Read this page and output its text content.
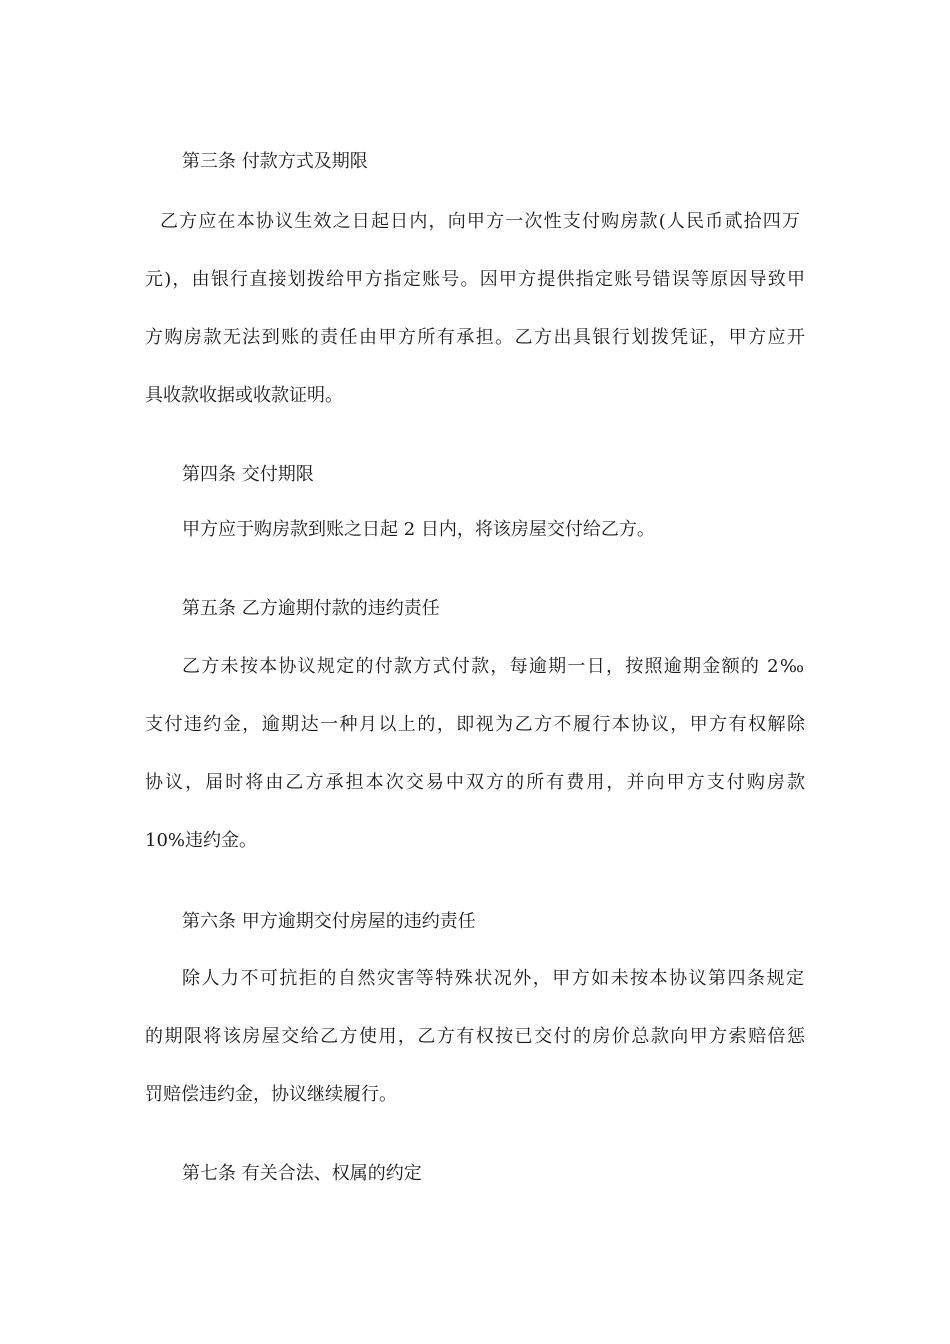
第三条 付款方式及期限
乙方应在本协议生效之日起日内，向甲方一次性支付购房款(人民币贰拾四万
元)，由银行直接划拨给甲方指定账号。因甲方提供指定账号错误等原因导致甲
方购房款无法到账的责任由甲方所有承担。乙方出具银行划拨凭证，甲方应开
具收款收据或收款证明。
第四条 交付期限
甲方应于购房款到账之日起 2 日内，将该房屋交付给乙方。
第五条 乙方逾期付款的违约责任
乙方未按本协议规定的付款方式付款，每逾期一日，按照逾期金额的 2‰
支付违约金，逾期达一种月以上的，即视为乙方不履行本协议，甲方有权解除
协议，届时将由乙方承担本次交易中双方的所有费用，并向甲方支付购房款
10%违约金。
第六条 甲方逾期交付房屋的违约责任
除人力不可抗拒的自然灾害等特殊状况外，甲方如未按本协议第四条规定
的期限将该房屋交给乙方使用，乙方有权按已交付的房价总款向甲方索赔倍惩
罚赔偿违约金，协议继续履行。
第七条 有关合法、权属的约定
